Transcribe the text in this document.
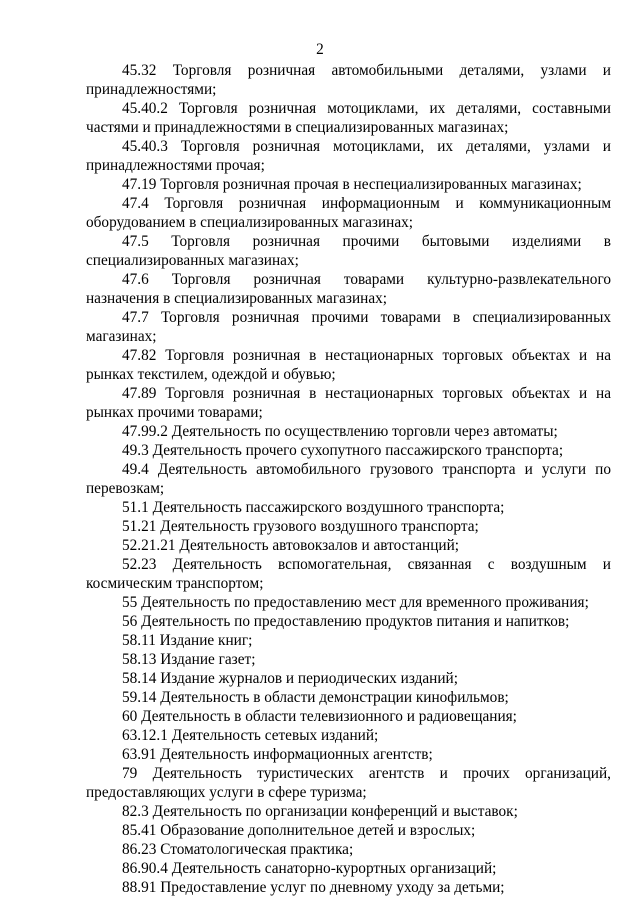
2

45.32 Торговля розничная автомобильными деталями, узлами и принадлежностями;

45.40.2 Торговля розничная мотоциклами, их деталями, составными частями и принадлежностями в специализированных магазинах;

45.40.3 Торговля розничная мотоциклами, их деталями, узлами и принадлежностями прочая;

47.19 Торговля розничная прочая в неспециализированных магазинах;

47.4 Торговля розничная информационным и коммуникационным оборудованием в специализированных магазинах;

47.5 Торговля розничная прочими бытовыми изделиями в специализированных магазинах;

47.6 Торговля розничная товарами культурно-развлекательного назначения в специализированных магазинах;

47.7 Торговля розничная прочими товарами в специализированных магазинах;

47.82 Торговля розничная в нестационарных торговых объектах и на рынках текстилем, одеждой и обувью;

47.89 Торговля розничная в нестационарных торговых объектах и на рынках прочими товарами;

47.99.2 Деятельность по осуществлению торговли через автоматы;

49.3 Деятельность прочего сухопутного пассажирского транспорта;

49.4 Деятельность автомобильного грузового транспорта и услуги по перевозкам;

51.1 Деятельность пассажирского воздушного транспорта;

51.21 Деятельность грузового воздушного транспорта;

52.21.21 Деятельность автовокзалов и автостанций;

52.23 Деятельность вспомогательная, связанная с воздушным и космическим транспортом;

55 Деятельность по предоставлению мест для временного проживания;

56 Деятельность по предоставлению продуктов питания и напитков;

58.11 Издание книг;

58.13 Издание газет;

58.14 Издание журналов и периодических изданий;

59.14 Деятельность в области демонстрации кинофильмов;

60 Деятельность в области телевизионного и радиовещания;

63.12.1 Деятельность сетевых изданий;

63.91 Деятельность информационных агентств;

79 Деятельность туристических агентств и прочих организаций, предоставляющих услуги в сфере туризма;

82.3 Деятельность по организации конференций и выставок;

85.41 Образование дополнительное детей и взрослых;

86.23 Стоматологическая практика;

86.90.4 Деятельность санаторно-курортных организаций;

88.91 Предоставление услуг по дневному уходу за детьми;
